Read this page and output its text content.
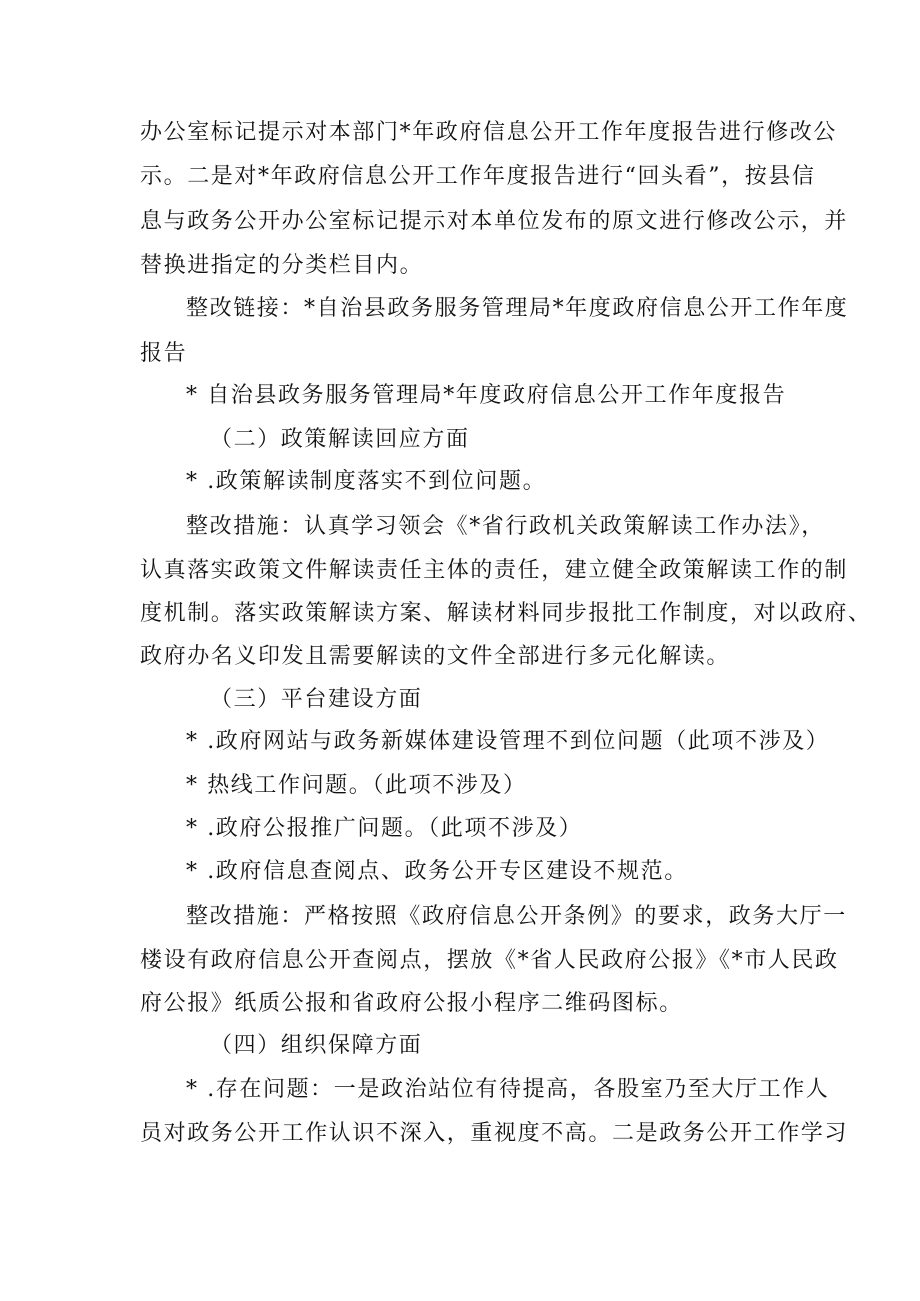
办公室标记提示对本部门*年政府信息公开工作年度报告进行修改公
示。二是对*年政府信息公开工作年度报告进行“回头看”，按县信
息与政务公开办公室标记提示对本单位发布的原文进行修改公示，并
替换进指定的分类栏目内。
整改链接：*自治县政务服务管理局*年度政府信息公开工作年度
报告
* 自治县政务服务管理局*年度政府信息公开工作年度报告
（二）政策解读回应方面
* .政策解读制度落实不到位问题。
整改措施：认真学习领会《*省行政机关政策解读工作办法》，
认真落实政策文件解读责任主体的责任，建立健全政策解读工作的制
度机制。落实政策解读方案、解读材料同步报批工作制度，对以政府、
政府办名义印发且需要解读的文件全部进行多元化解读。
（三）平台建设方面
* .政府网站与政务新媒体建设管理不到位问题（此项不涉及）
* 热线工作问题。（此项不涉及）
* .政府公报推广问题。（此项不涉及）
* .政府信息查阅点、政务公开专区建设不规范。
整改措施：严格按照《政府信息公开条例》的要求，政务大厅一
楼设有政府信息公开查阅点，摆放《*省人民政府公报》《*市人民政
府公报》纸质公报和省政府公报小程序二维码图标。
（四）组织保障方面
* .存在问题：一是政治站位有待提高，各股室乃至大厅工作人
员对政务公开工作认识不深入，重视度不高。二是政务公开工作学习
